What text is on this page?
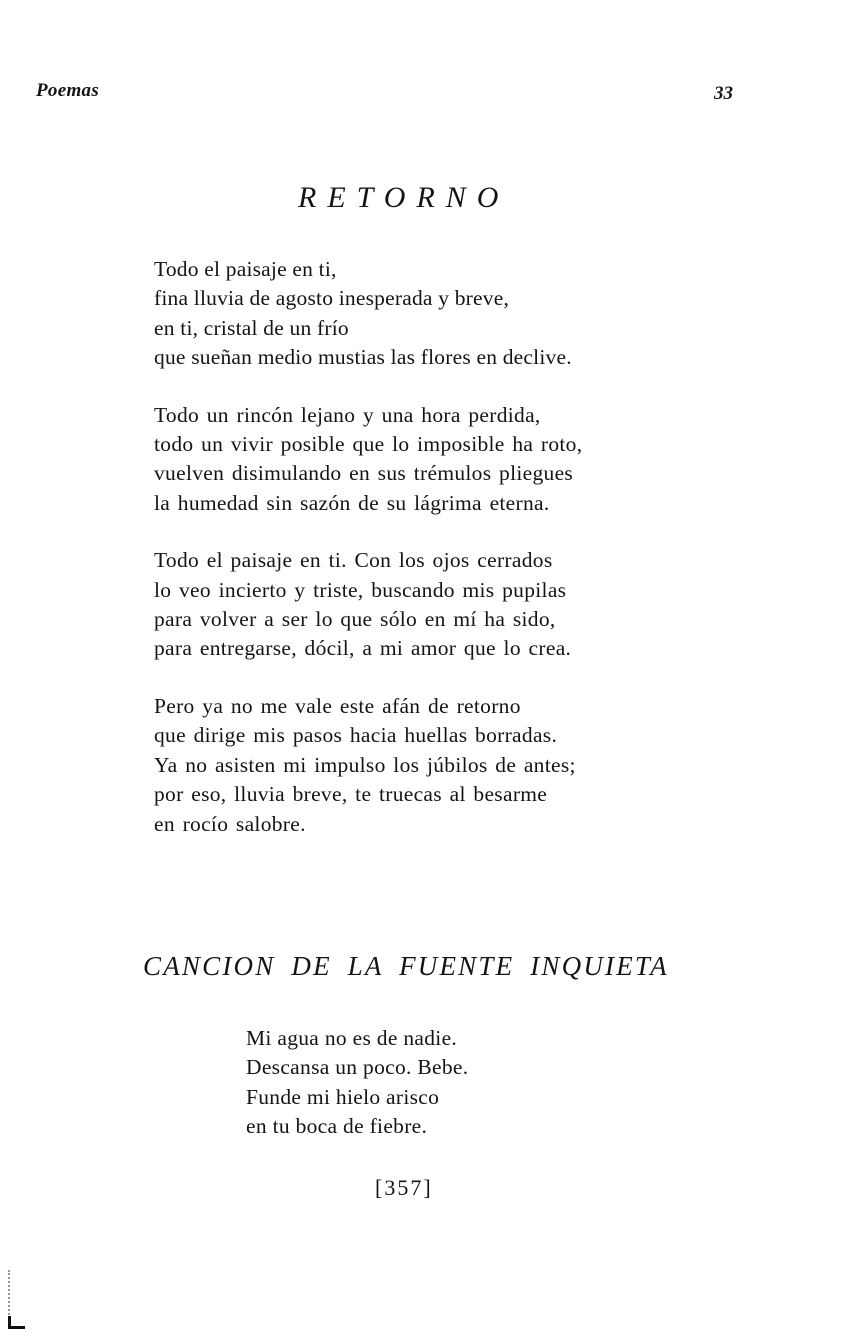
Poemas	33
RETORNO
Todo el paisaje en ti,
fina lluvia de agosto inesperada y breve,
en ti, cristal de un frío
que sueñan medio mustias las flores en declive.
Todo un rincón lejano y una hora perdida,
todo un vivir posible que lo imposible ha roto,
vuelven disimulando en sus trémulos pliegues
la humedad sin sazón de su lágrima eterna.
Todo el paisaje en ti. Con los ojos cerrados
lo veo incierto y triste, buscando mis pupilas
para volver a ser lo que sólo en mí ha sido,
para entregarse, dócil, a mi amor que lo crea.
Pero ya no me vale este afán de retorno
que dirige mis pasos hacia huellas borradas.
Ya no asisten mi impulso los júbilos de antes;
por eso, lluvia breve, te truecas al besarme
en rocío salobre.
CANCION DE LA FUENTE INQUIETA
Mi agua no es de nadie.
Descansa un poco. Bebe.
Funde mi hielo arisco
en tu boca de fiebre.
[357]
